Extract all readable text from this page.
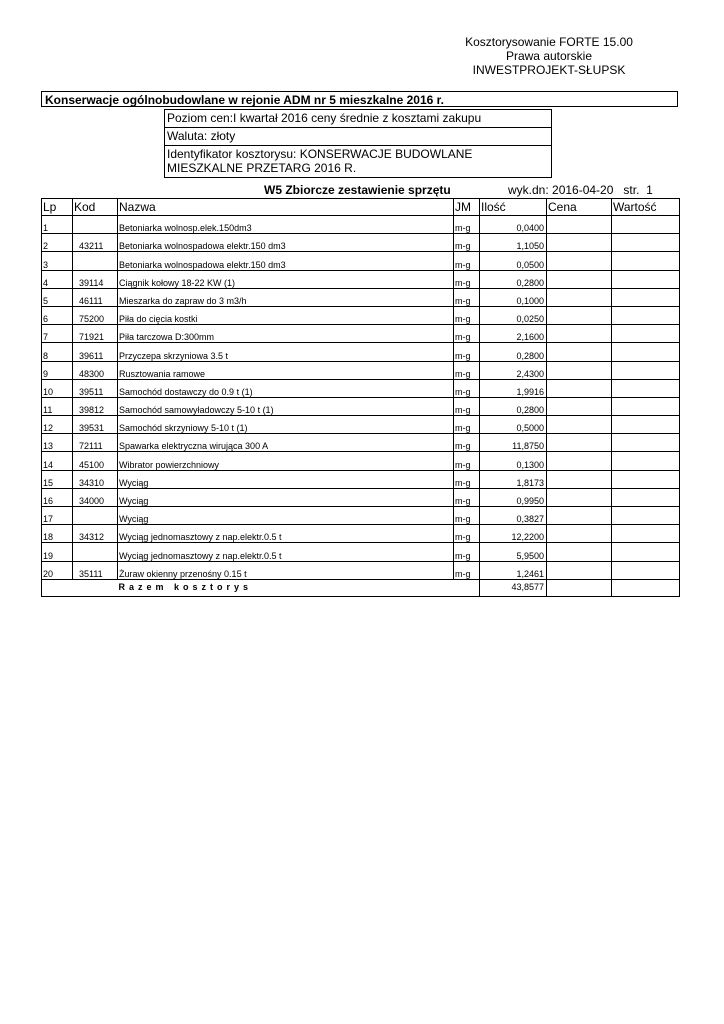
Kosztorysowanie FORTE 15.00
Prawa autorskie
INWESTPROJEKT-SŁUPSK
Konserwacje ogólnobudowlane w rejonie ADM nr 5 mieszkalne 2016 r.
Poziom cen:I kwartał 2016 ceny średnie z kosztami zakupu
Waluta: złoty
Identyfikator kosztorysu: KONSERWACJE BUDOWLANE
MIESZKALNE PRZETARG 2016 R.
W5 Zbiorcze zestawienie sprzętu	wyk.dn: 2016-04-20   str.  1
Lp	Kod	Nazwa	JM	Ilość	Cena	Wartość
1		Betoniarka wolnosp.elek.150dm3	m-g	0,0400		
2	43211	Betoniarka wolnospadowa elektr.150 dm3	m-g	1,1050		
3		Betoniarka wolnospadowa elektr.150 dm3	m-g	0,0500		
4	39114	Ciągnik kołowy 18-22 KW (1)	m-g	0,2800		
5	46111	Mieszarka do zapraw do 3 m3/h	m-g	0,1000		
6	75200	Piła do cięcia kostki	m-g	0,0250		
7	71921	Piła tarczowa D:300mm	m-g	2,1600		
8	39611	Przyczepa skrzyniowa 3.5 t	m-g	0,2800		
9	48300	Rusztowania ramowe	m-g	2,4300		
10	39511	Samochód dostawczy do 0.9 t (1)	m-g	1,9916		
11	39812	Samochód samowyładowczy 5-10 t (1)	m-g	0,2800		
12	39531	Samochód skrzyniowy 5-10 t (1)	m-g	0,5000		
13	72111	Spawarka elektryczna wirująca 300 A	m-g	11,8750		
14	45100	Wibrator powierzchniowy	m-g	0,1300		
15	34310	Wyciąg	m-g	1,8173		
16	34000	Wyciąg	m-g	0,9950		
17		Wyciąg	m-g	0,3827		
18	34312	Wyciąg jednomasztowy z nap.elektr.0.5 t	m-g	12,2200		
19		Wyciąg jednomasztowy z nap.elektr.0.5 t	m-g	5,9500		
20	35111	Żuraw okienny przenośny 0.15 t	m-g	1,2461		
		Razem kosztorys		43,8577		
